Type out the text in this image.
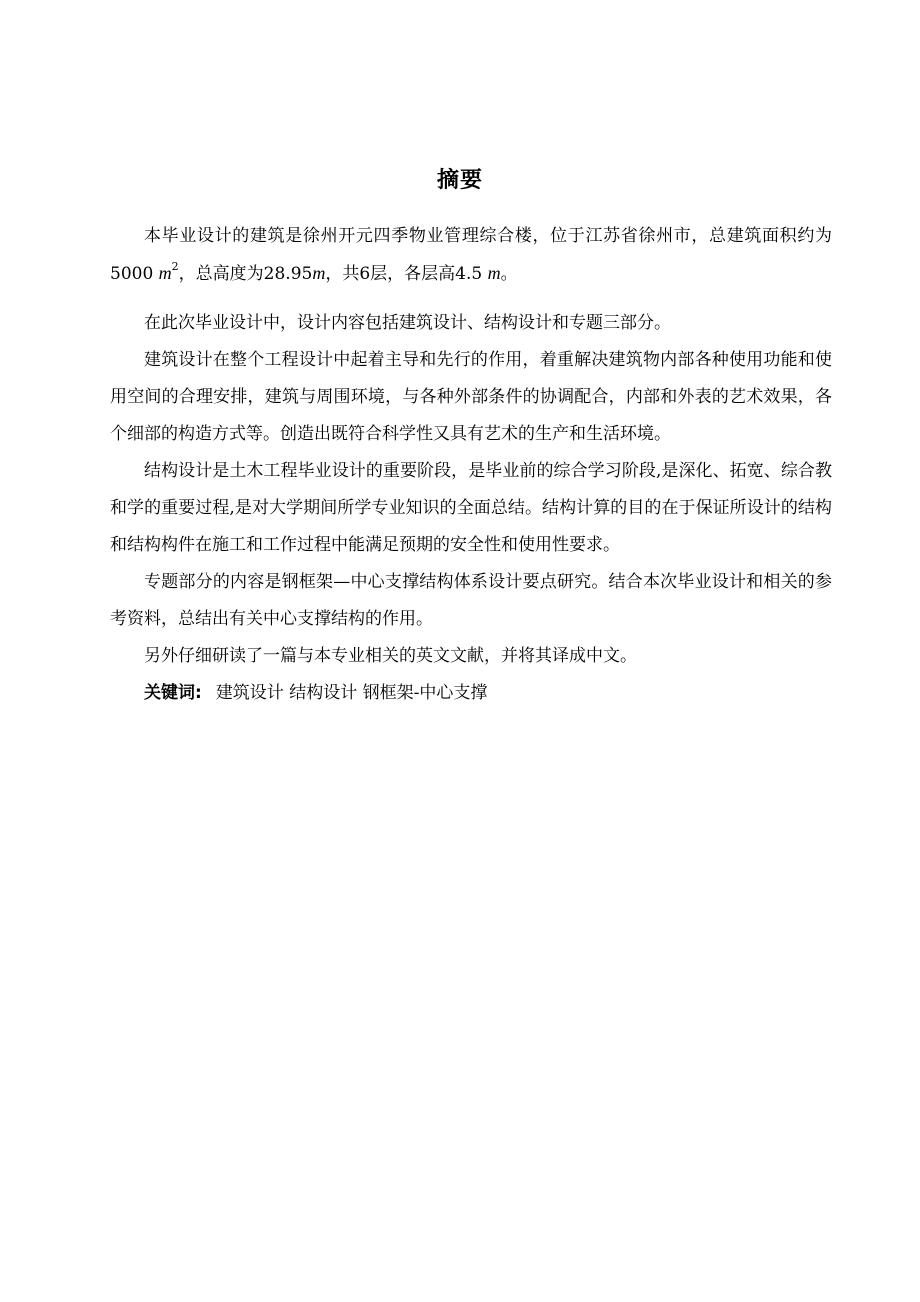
摘要

本毕业设计的建筑是徐州开元四季物业管理综合楼，位于江苏省徐州市，总建筑面积约为5000 $m^2$，总高度为28.95m，共6层，各层高4.5 m。

在此次毕业设计中，设计内容包括建筑设计、结构设计和专题三部分。

建筑设计在整个工程设计中起着主导和先行的作用，着重解决建筑物内部各种使用功能和使用空间的合理安排，建筑与周围环境，与各种外部条件的协调配合，内部和外表的艺术效果，各个细部的构造方式等。创造出既符合科学性又具有艺术的生产和生活环境。

结构设计是土木工程毕业设计的重要阶段，是毕业前的综合学习阶段,是深化、拓宽、综合教和学的重要过程,是对大学期间所学专业知识的全面总结。结构计算的目的在于保证所设计的结构和结构构件在施工和工作过程中能满足预期的安全性和使用性要求。

专题部分的内容是钢框架—中心支撑结构体系设计要点研究。结合本次毕业设计和相关的参考资料，总结出有关中心支撑结构的作用。

另外仔细研读了一篇与本专业相关的英文文献，并将其译成中文。

关键词: 建筑设计 结构设计 钢框架-中心支撑
